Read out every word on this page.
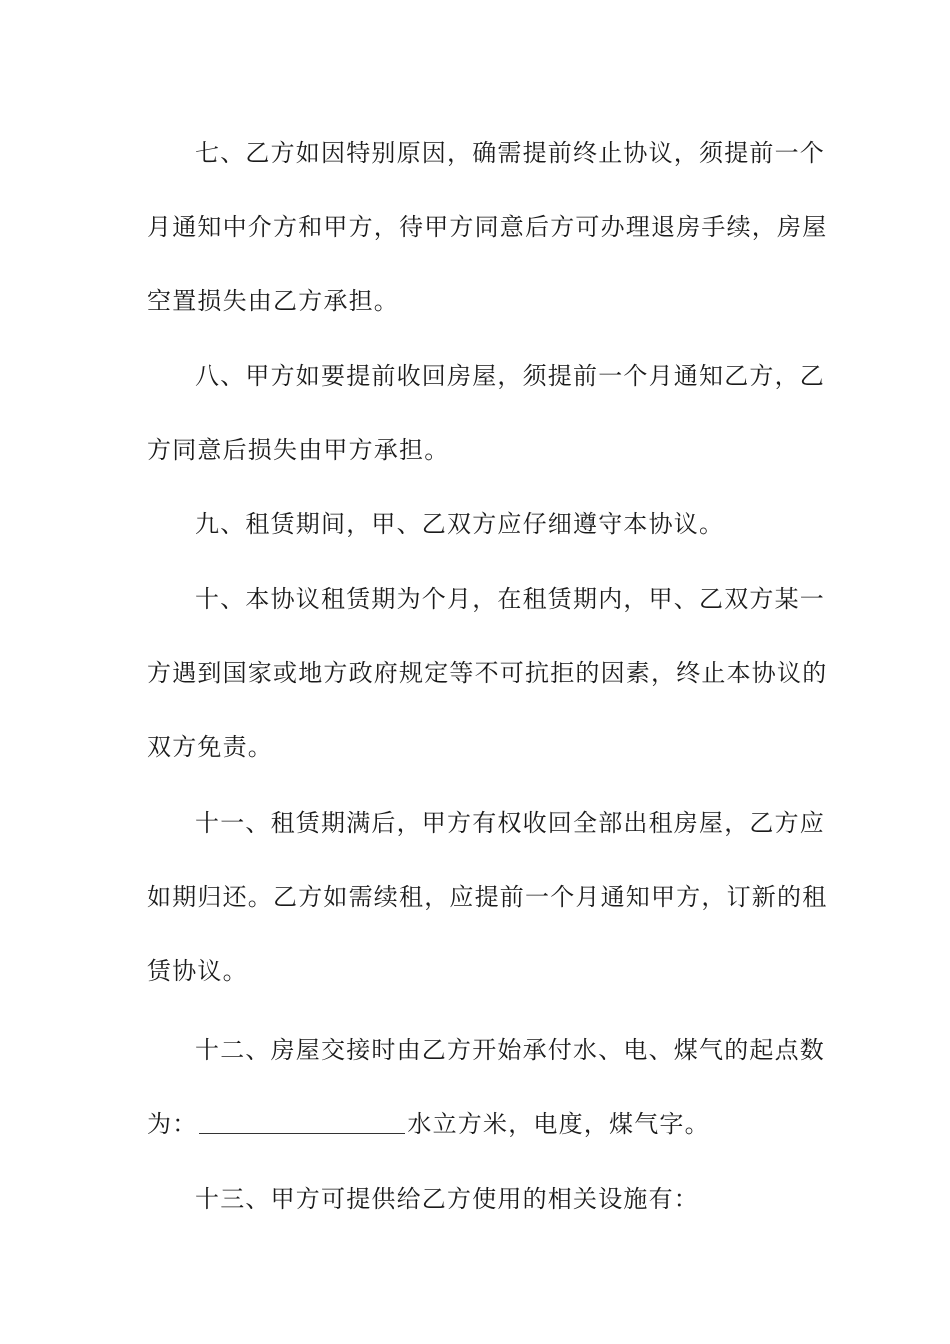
七、乙方如因特别原因，确需提前终止协议，须提前一个
月通知中介方和甲方，待甲方同意后方可办理退房手续，房屋
空置损失由乙方承担。
八、甲方如要提前收回房屋，须提前一个月通知乙方，乙
方同意后损失由甲方承担。
九、租赁期间，甲、乙双方应仔细遵守本协议。
十、本协议租赁期为个月，在租赁期内，甲、乙双方某一
方遇到国家或地方政府规定等不可抗拒的因素，终止本协议的
双方免责。
十一、租赁期满后，甲方有权收回全部出租房屋，乙方应
如期归还。乙方如需续租，应提前一个月通知甲方，订新的租
赁协议。
十二、房屋交接时由乙方开始承付水、电、煤气的起点数
为：	水立方米，电度，煤气字。
十三、甲方可提供给乙方使用的相关设施有：
